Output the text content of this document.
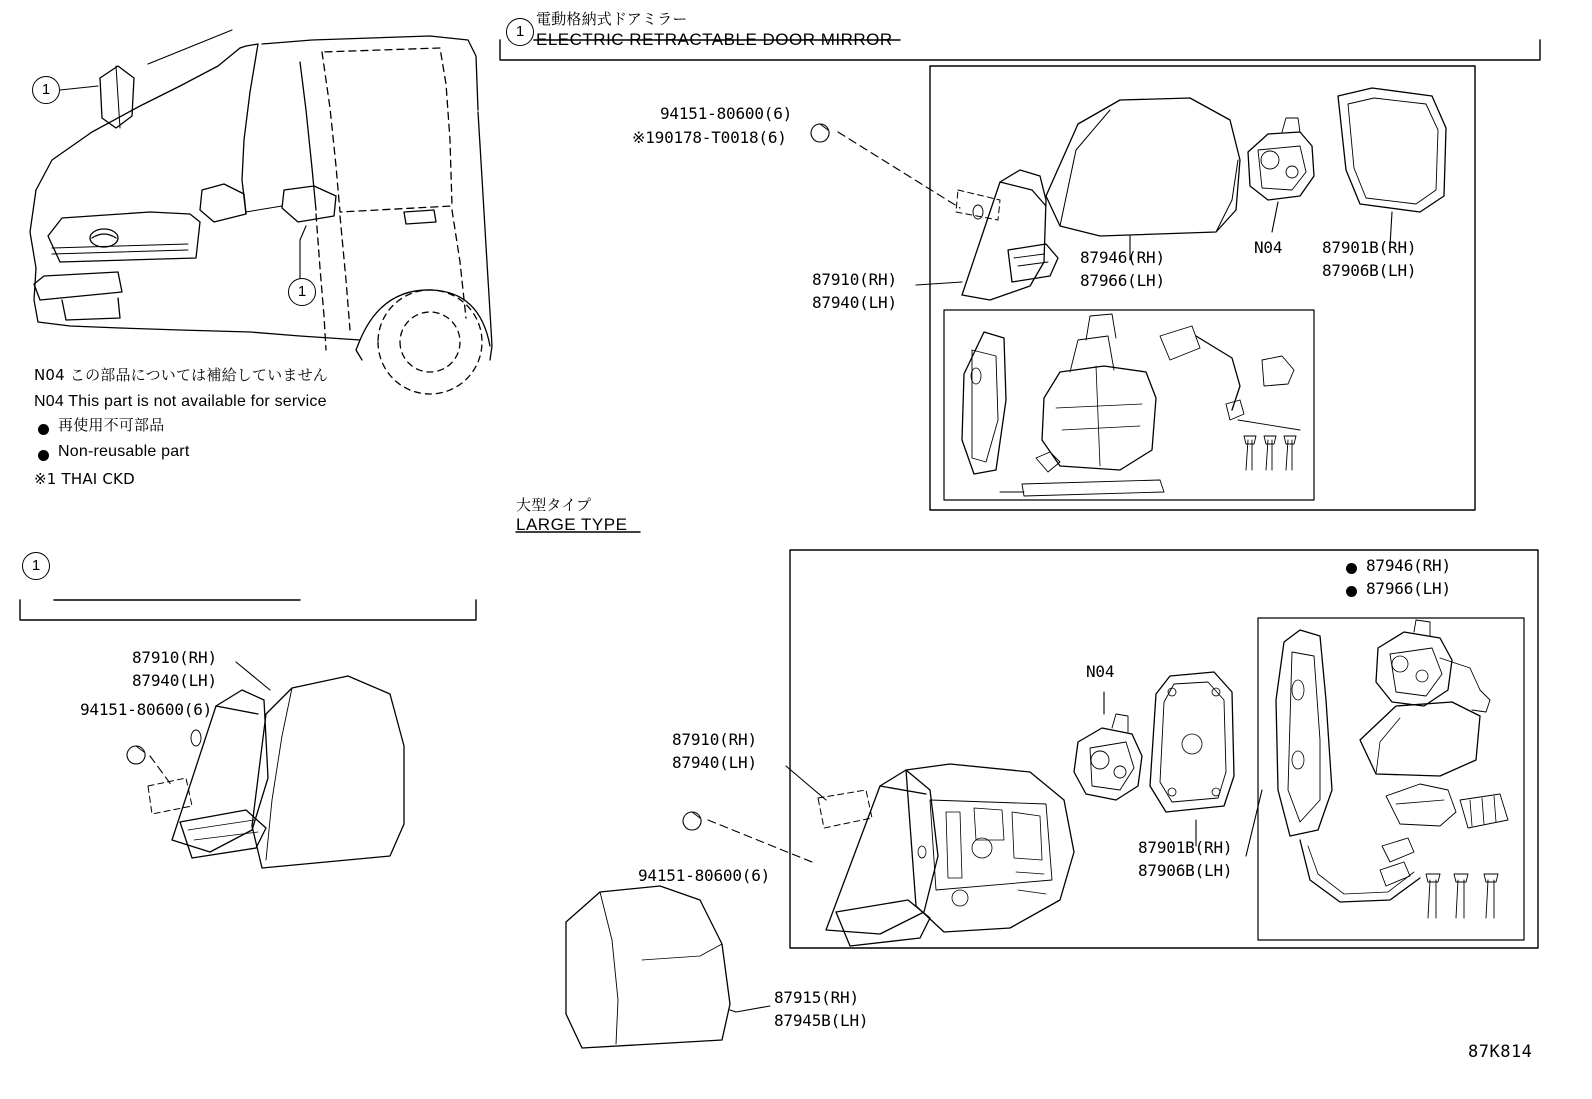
1
1
1
1
電動格納式ドアミラー
ELECTRIC RETRACTABLE DOOR MIRROR
大型タイプ
LARGE TYPE
N04 この部品については補給していません
N04 This part is not available for service
再使用不可部品
Non-reusable part
※1 THAI CKD
94151-80600(6)
※190178-T0018(6)
87910(RH)
87940(LH)
87946(RH)
87966(LH)
N04 87901B(RH)
87906B(LH)
87946(RH)
87966(LH)
N04
87910(RH)
87940(LH)
94151-80600(6)
87901B(RH)
87906B(LH)
87915(RH)
87945B(LH)
87910(RH)
87940(LH)
94151-80600(6)
87K814
